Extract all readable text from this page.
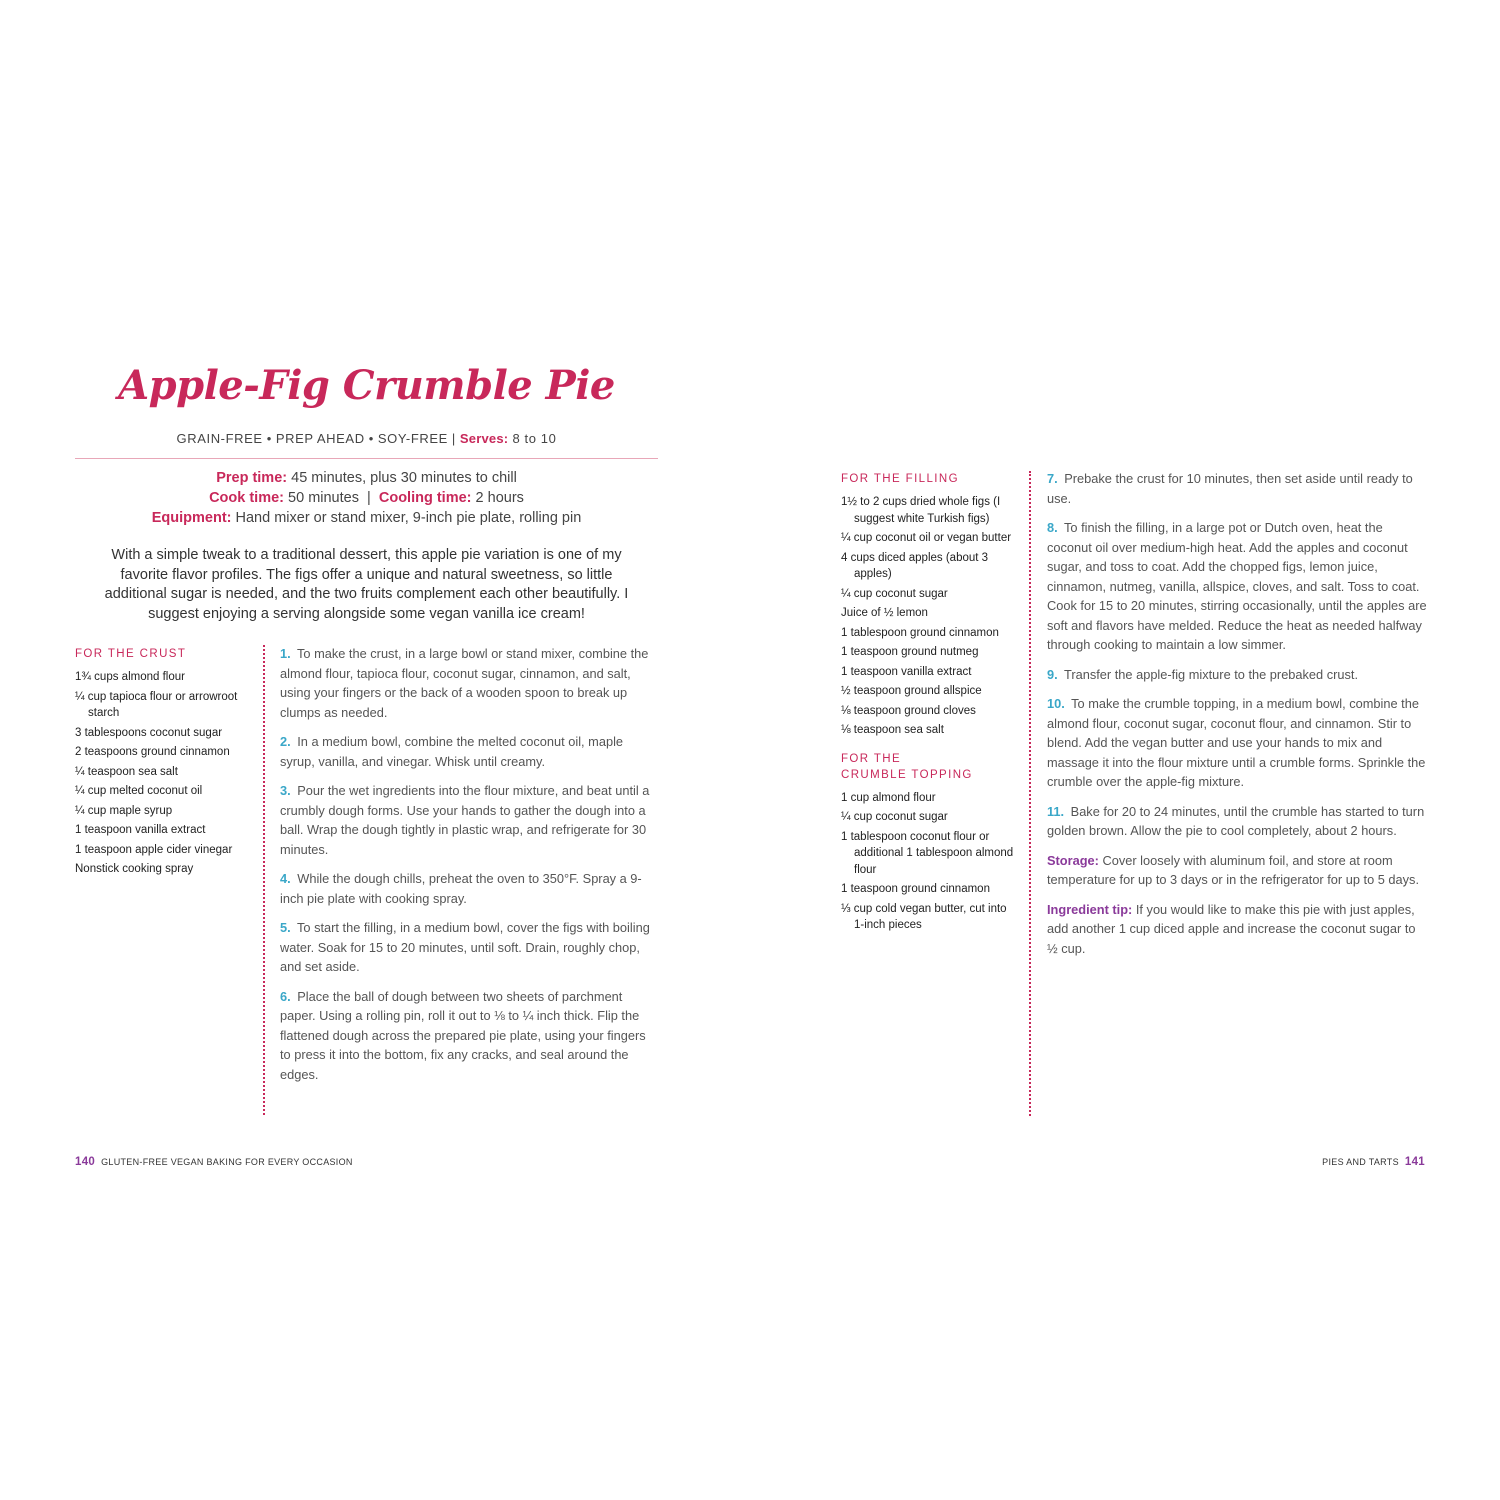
Apple-Fig Crumble Pie
GRAIN-FREE • PREP AHEAD • SOY-FREE | Serves: 8 to 10
Prep time: 45 minutes, plus 30 minutes to chill
Cook time: 50 minutes  |  Cooling time: 2 hours
Equipment: Hand mixer or stand mixer, 9-inch pie plate, rolling pin
With a simple tweak to a traditional dessert, this apple pie variation is one of my favorite flavor profiles. The figs offer a unique and natural sweetness, so little additional sugar is needed, and the two fruits complement each other beautifully. I suggest enjoying a serving alongside some vegan vanilla ice cream!
FOR THE CRUST
1¾ cups almond flour
¼ cup tapioca flour or arrowroot starch
3 tablespoons coconut sugar
2 teaspoons ground cinnamon
¼ teaspoon sea salt
¼ cup melted coconut oil
¼ cup maple syrup
1 teaspoon vanilla extract
1 teaspoon apple cider vinegar
Nonstick cooking spray
1. To make the crust, in a large bowl or stand mixer, combine the almond flour, tapioca flour, coconut sugar, cinnamon, and salt, using your fingers or the back of a wooden spoon to break up clumps as needed.
2. In a medium bowl, combine the melted coconut oil, maple syrup, vanilla, and vinegar. Whisk until creamy.
3. Pour the wet ingredients into the flour mixture, and beat until a crumbly dough forms. Use your hands to gather the dough into a ball. Wrap the dough tightly in plastic wrap, and refrigerate for 30 minutes.
4. While the dough chills, preheat the oven to 350°F. Spray a 9-inch pie plate with cooking spray.
5. To start the filling, in a medium bowl, cover the figs with boiling water. Soak for 15 to 20 minutes, until soft. Drain, roughly chop, and set aside.
6. Place the ball of dough between two sheets of parchment paper. Using a rolling pin, roll it out to ⅛ to ¼ inch thick. Flip the flattened dough across the prepared pie plate, using your fingers to press it into the bottom, fix any cracks, and seal around the edges.
140 GLUTEN-FREE VEGAN BAKING FOR EVERY OCCASION
FOR THE FILLING
1½ to 2 cups dried whole figs (I suggest white Turkish figs)
¼ cup coconut oil or vegan butter
4 cups diced apples (about 3 apples)
¼ cup coconut sugar
Juice of ½ lemon
1 tablespoon ground cinnamon
1 teaspoon ground nutmeg
1 teaspoon vanilla extract
½ teaspoon ground allspice
⅛ teaspoon ground cloves
⅛ teaspoon sea salt
FOR THE
CRUMBLE TOPPING
1 cup almond flour
¼ cup coconut sugar
1 tablespoon coconut flour or additional 1 tablespoon almond flour
1 teaspoon ground cinnamon
⅓ cup cold vegan butter, cut into 1-inch pieces
7. Prebake the crust for 10 minutes, then set aside until ready to use.
8. To finish the filling, in a large pot or Dutch oven, heat the coconut oil over medium-high heat. Add the apples and coconut sugar, and toss to coat. Add the chopped figs, lemon juice, cinnamon, nutmeg, vanilla, allspice, cloves, and salt. Toss to coat. Cook for 15 to 20 minutes, stirring occasionally, until the apples are soft and flavors have melded. Reduce the heat as needed halfway through cooking to maintain a low simmer.
9. Transfer the apple-fig mixture to the prebaked crust.
10. To make the crumble topping, in a medium bowl, combine the almond flour, coconut sugar, coconut flour, and cinnamon. Stir to blend. Add the vegan butter and use your hands to mix and massage it into the flour mixture until a crumble forms. Sprinkle the crumble over the apple-fig mixture.
11. Bake for 20 to 24 minutes, until the crumble has started to turn golden brown. Allow the pie to cool completely, about 2 hours.
Storage: Cover loosely with aluminum foil, and store at room temperature for up to 3 days or in the refrigerator for up to 5 days.
Ingredient tip: If you would like to make this pie with just apples, add another 1 cup diced apple and increase the coconut sugar to ½ cup.
PIES AND TARTS 141
